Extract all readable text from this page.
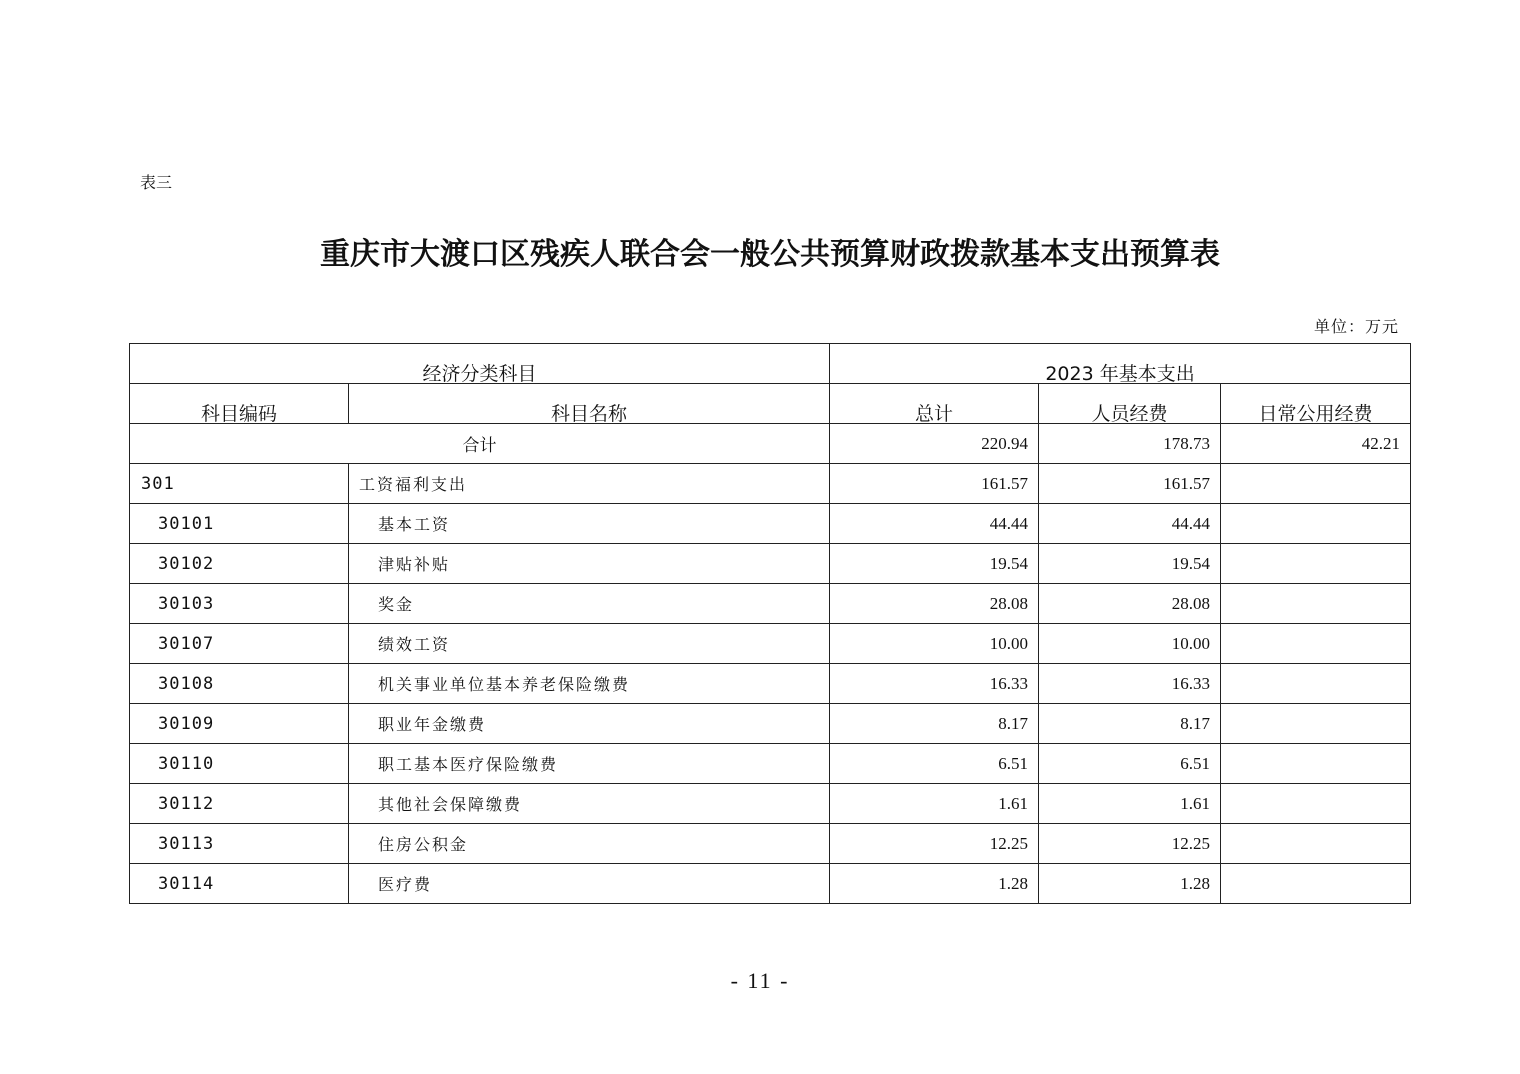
表三
重庆市大渡口区残疾人联合会一般公共预算财政拨款基本支出预算表
单位：万元
经济分类科目		2023 年基本支出		
科目编码	科目名称	总计	人员经费	日常公用经费
合计		220.94	178.73	42.21
301	工资福利支出	161.57	161.57	
30101	基本工资	44.44	44.44	
30102	津贴补贴	19.54	19.54	
30103	奖金	28.08	28.08	
30107	绩效工资	10.00	10.00	
30108	机关事业单位基本养老保险缴费	16.33	16.33	
30109	职业年金缴费	8.17	8.17	
30110	职工基本医疗保险缴费	6.51	6.51	
30112	其他社会保障缴费	1.61	1.61	
30113	住房公积金	12.25	12.25	
30114	医疗费	1.28	1.28	
- 11 -
